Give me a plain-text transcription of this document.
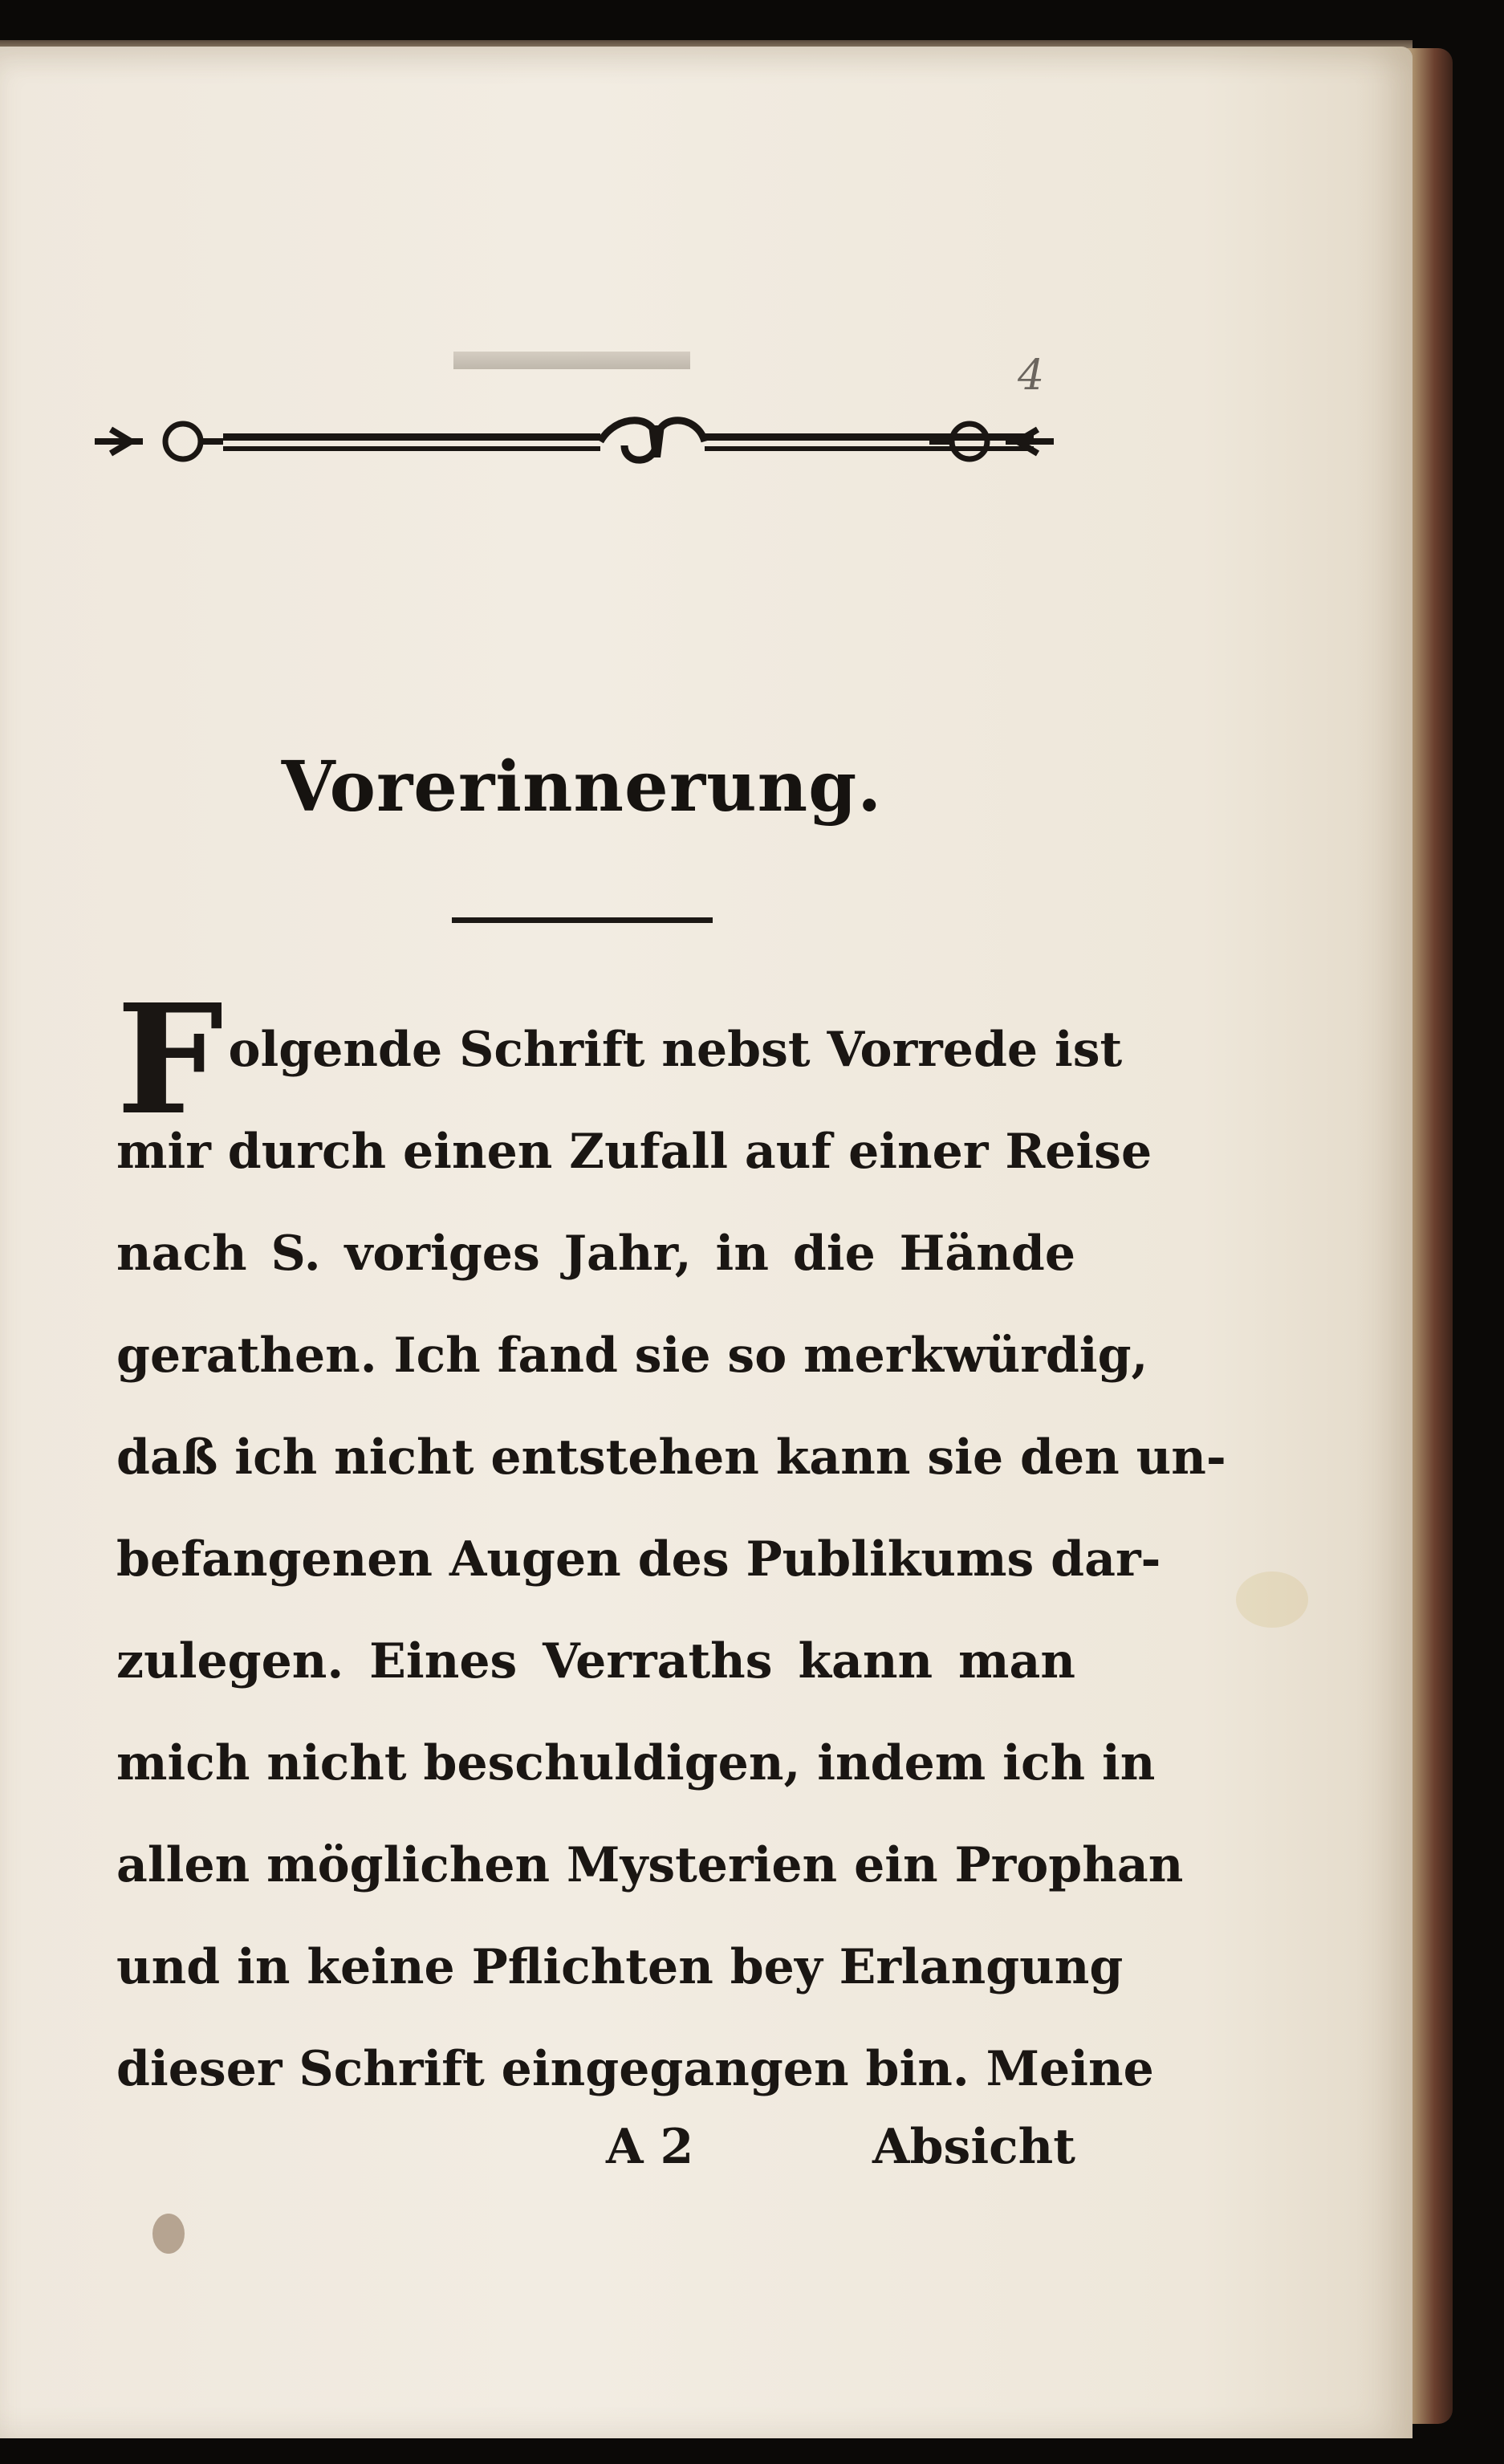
4
Vorerinnerung.
F olgende Schrift nebst Vorrede ist
mir durch einen Zufall auf einer Reise
nach S. voriges Jahr, in die Hände
gerathen. Ich fand sie so merkwürdig,
daß ich nicht entstehen kann sie den un-
befangenen Augen des Publikums dar-
zulegen. Eines Verraths kann man
mich nicht beschuldigen, indem ich in
allen möglichen Mysterien ein Prophan
und in keine Pflichten bey Erlangung
dieser Schrift eingegangen bin. Meine
A 2	Absicht
